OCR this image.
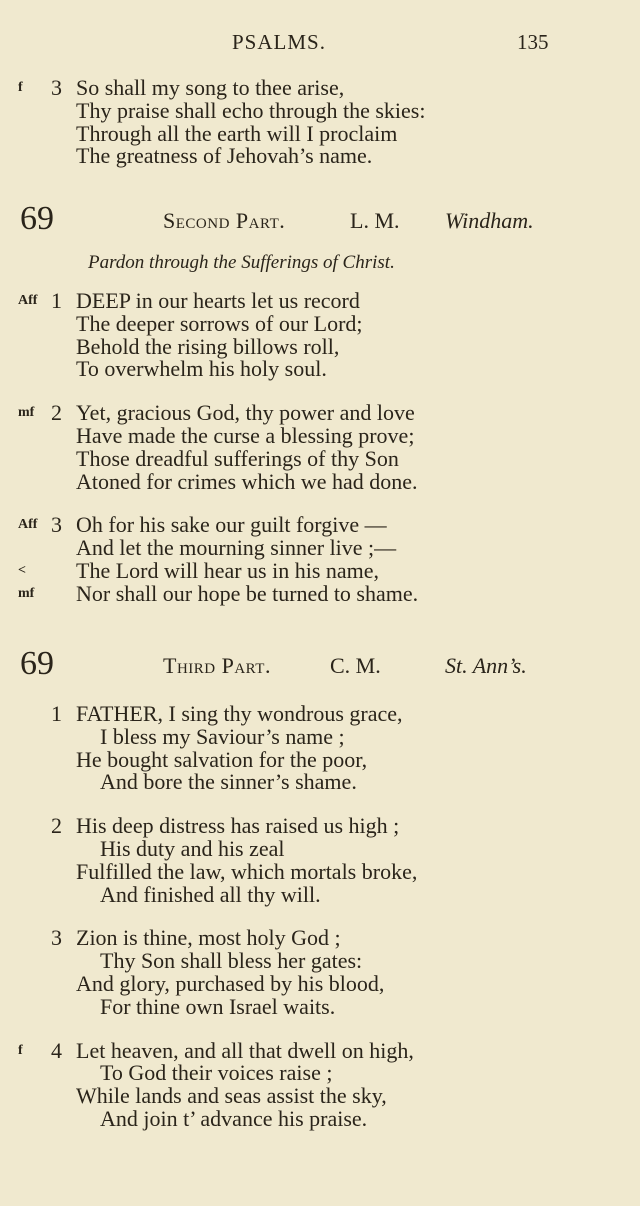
PSALMS.	135
f 3 So shall my song to thee arise,
Thy praise shall echo through the skies:
Through all the earth will I proclaim
The greatness of Jehovah’s name.
69	Second Part.	L. M. Windham.
Pardon through the Sufferings of Christ.
Aff 1 DEEP in our hearts let us record
The deeper sorrows of our Lord;
Behold the rising billows roll,
To overwhelm his holy soul.
mf 2 Yet, gracious God, thy power and love
Have made the curse a blessing prove;
Those dreadful sufferings of thy Son
Atoned for crimes which we had done.
Aff 3 Oh for his sake our guilt forgive —
And let the mourning sinner live ;—
< The Lord will hear us in his name,
mf Nor shall our hope be turned to shame.
69	Third Part.	C. M.	St. Ann’s.
1 FATHER, I sing thy wondrous grace,
I bless my Saviour’s name ;
He bought salvation for the poor,
And bore the sinner’s shame.
2 His deep distress has raised us high ;
His duty and his zeal
Fulfilled the law, which mortals broke,
And finished all thy will.
3 Zion is thine, most holy God ;
Thy Son shall bless her gates:
And glory, purchased by his blood,
For thine own Israel waits.
f 4 Let heaven, and all that dwell on high,
To God their voices raise ;
While lands and seas assist the sky,
And join t’ advance his praise.
